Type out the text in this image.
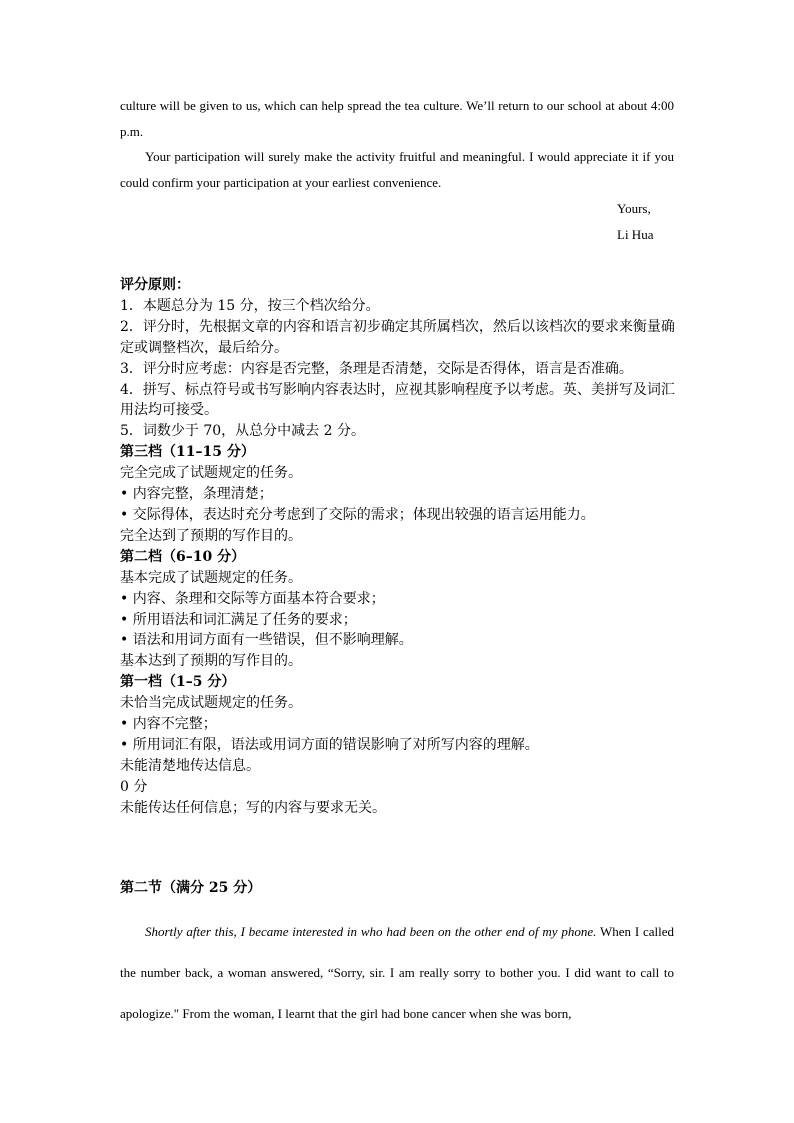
culture will be given to us, which can help spread the tea culture. We’ll return to our school at about 4:00 p.m.

Your participation will surely make the activity fruitful and meaningful. I would appreciate it if you could confirm your participation at your earliest convenience.

Yours,
Li Hua

评分原则：

1．本题总分为 15 分，按三个档次给分。

2．评分时，先根据文章的内容和语言初步确定其所属档次，然后以该档次的要求来衡量确定或调整档次，最后给分。

3．评分时应考虑：内容是否完整，条理是否清楚，交际是否得体，语言是否准确。

4．拼写、标点符号或书写影响内容表达时，应视其影响程度予以考虑。英、美拼写及词汇用法均可接受。

5．词数少于 70，从总分中减去 2 分。

第三档（11–15 分）

完全完成了试题规定的任务。

• 内容完整，条理清楚；

• 交际得体，表达时充分考虑到了交际的需求；体现出较强的语言运用能力。

完全达到了预期的写作目的。

第二档（6–10 分）

基本完成了试题规定的任务。

• 内容、条理和交际等方面基本符合要求；

• 所用语法和词汇满足了任务的要求；

• 语法和用词方面有一些错误，但不影响理解。

基本达到了预期的写作目的。

第一档（1–5 分）

未恰当完成试题规定的任务。

• 内容不完整；

• 所用词汇有限，语法或用词方面的错误影响了对所写内容的理解。

未能清楚地传达信息。

0 分

未能传达任何信息；写的内容与要求无关。

第二节（满分 25 分）

Shortly after this, I became interested in who had been on the other end of my phone. When I called the number back, a woman answered, “Sorry, sir. I am really sorry to bother you. I did want to call to apologize." From the woman, I learnt that the girl had bone cancer when she was born,
